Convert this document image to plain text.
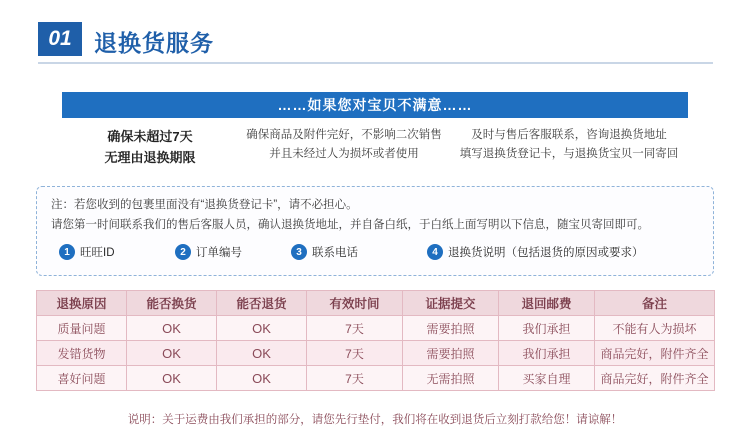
01 退换货服务
……如果您对宝贝不满意……
确保未超过7天
无理由退换期限
确保商品及附件完好，不影响二次销售
并且未经过人为损坏或者使用
及时与售后客服联系，咨询退换货地址
填写退换货登记卡，与退换货宝贝一同寄回
注：若您收到的包裹里面没有“退换货登记卡”，请不必担心。
请您第一时间联系我们的售后客服人员，确认退换货地址，并自备白纸，于白纸上面写明以下信息，随宝贝寄回即可。
1 旺旺ID	2 订单编号	3 联系电话	4 退换货说明（包括退货的原因或要求）
退换原因	能否换货	能否退货	有效时间	证据提交	退回邮费	备注
质量问题	OK	OK	7天	需要拍照	我们承担	不能有人为损坏
发错货物	OK	OK	7天	需要拍照	我们承担	商品完好，附件齐全
喜好问题	OK	OK	7天	无需拍照	买家自理	商品完好，附件齐全
说明：关于运费由我们承担的部分，请您先行垫付，我们将在收到退货后立刻打款给您！请谅解！
